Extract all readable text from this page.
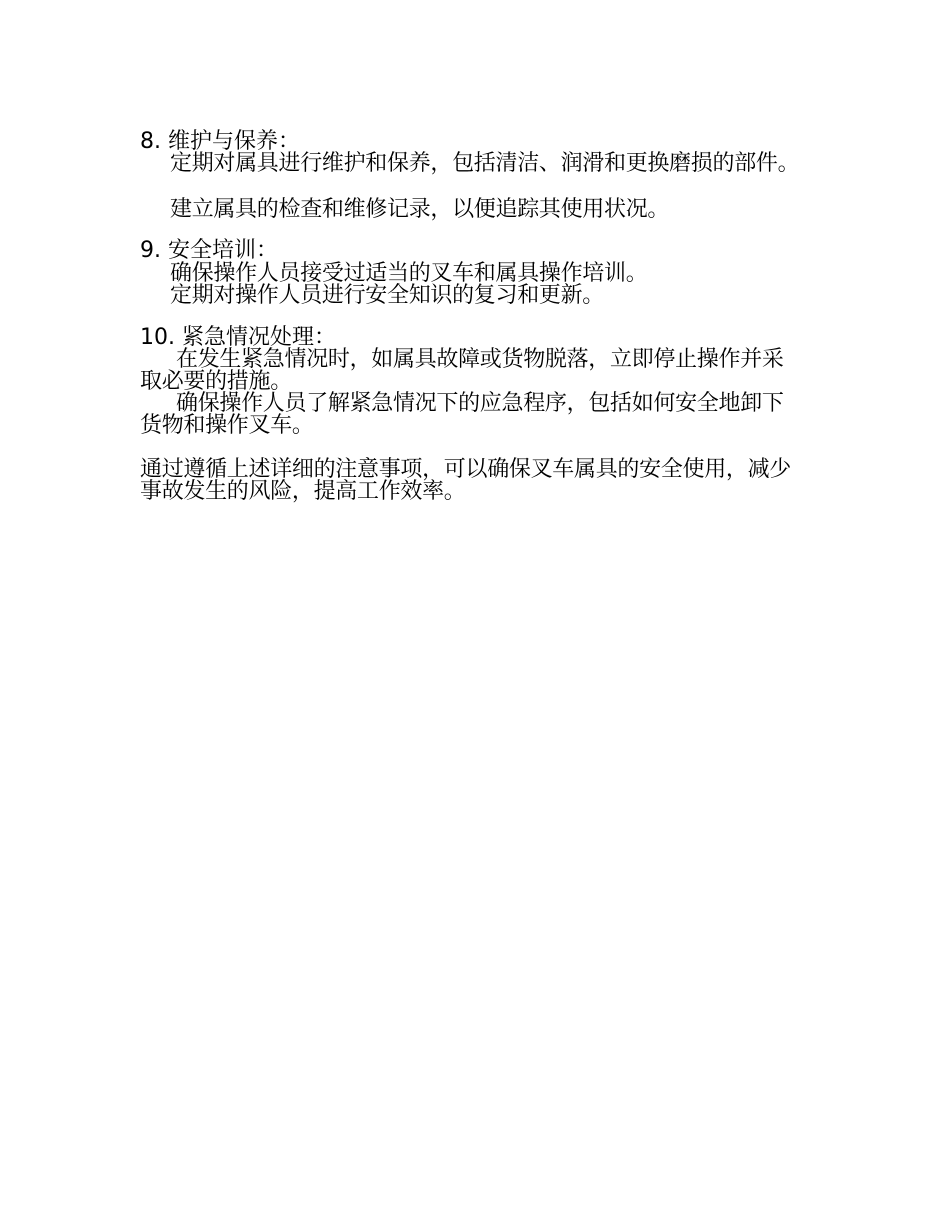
8. 维护与保养：
定期对属具进行维护和保养，包括清洁、润滑和更换磨损的部件。
建立属具的检查和维修记录，以便追踪其使用状况。
9. 安全培训：
确保操作人员接受过适当的叉车和属具操作培训。
定期对操作人员进行安全知识的复习和更新。
10. 紧急情况处理：
在发生紧急情况时，如属具故障或货物脱落，立即停止操作并采取必要的措施。
确保操作人员了解紧急情况下的应急程序，包括如何安全地卸下货物和操作叉车。
通过遵循上述详细的注意事项，可以确保叉车属具的安全使用，减少事故发生的风险，提高工作效率。
